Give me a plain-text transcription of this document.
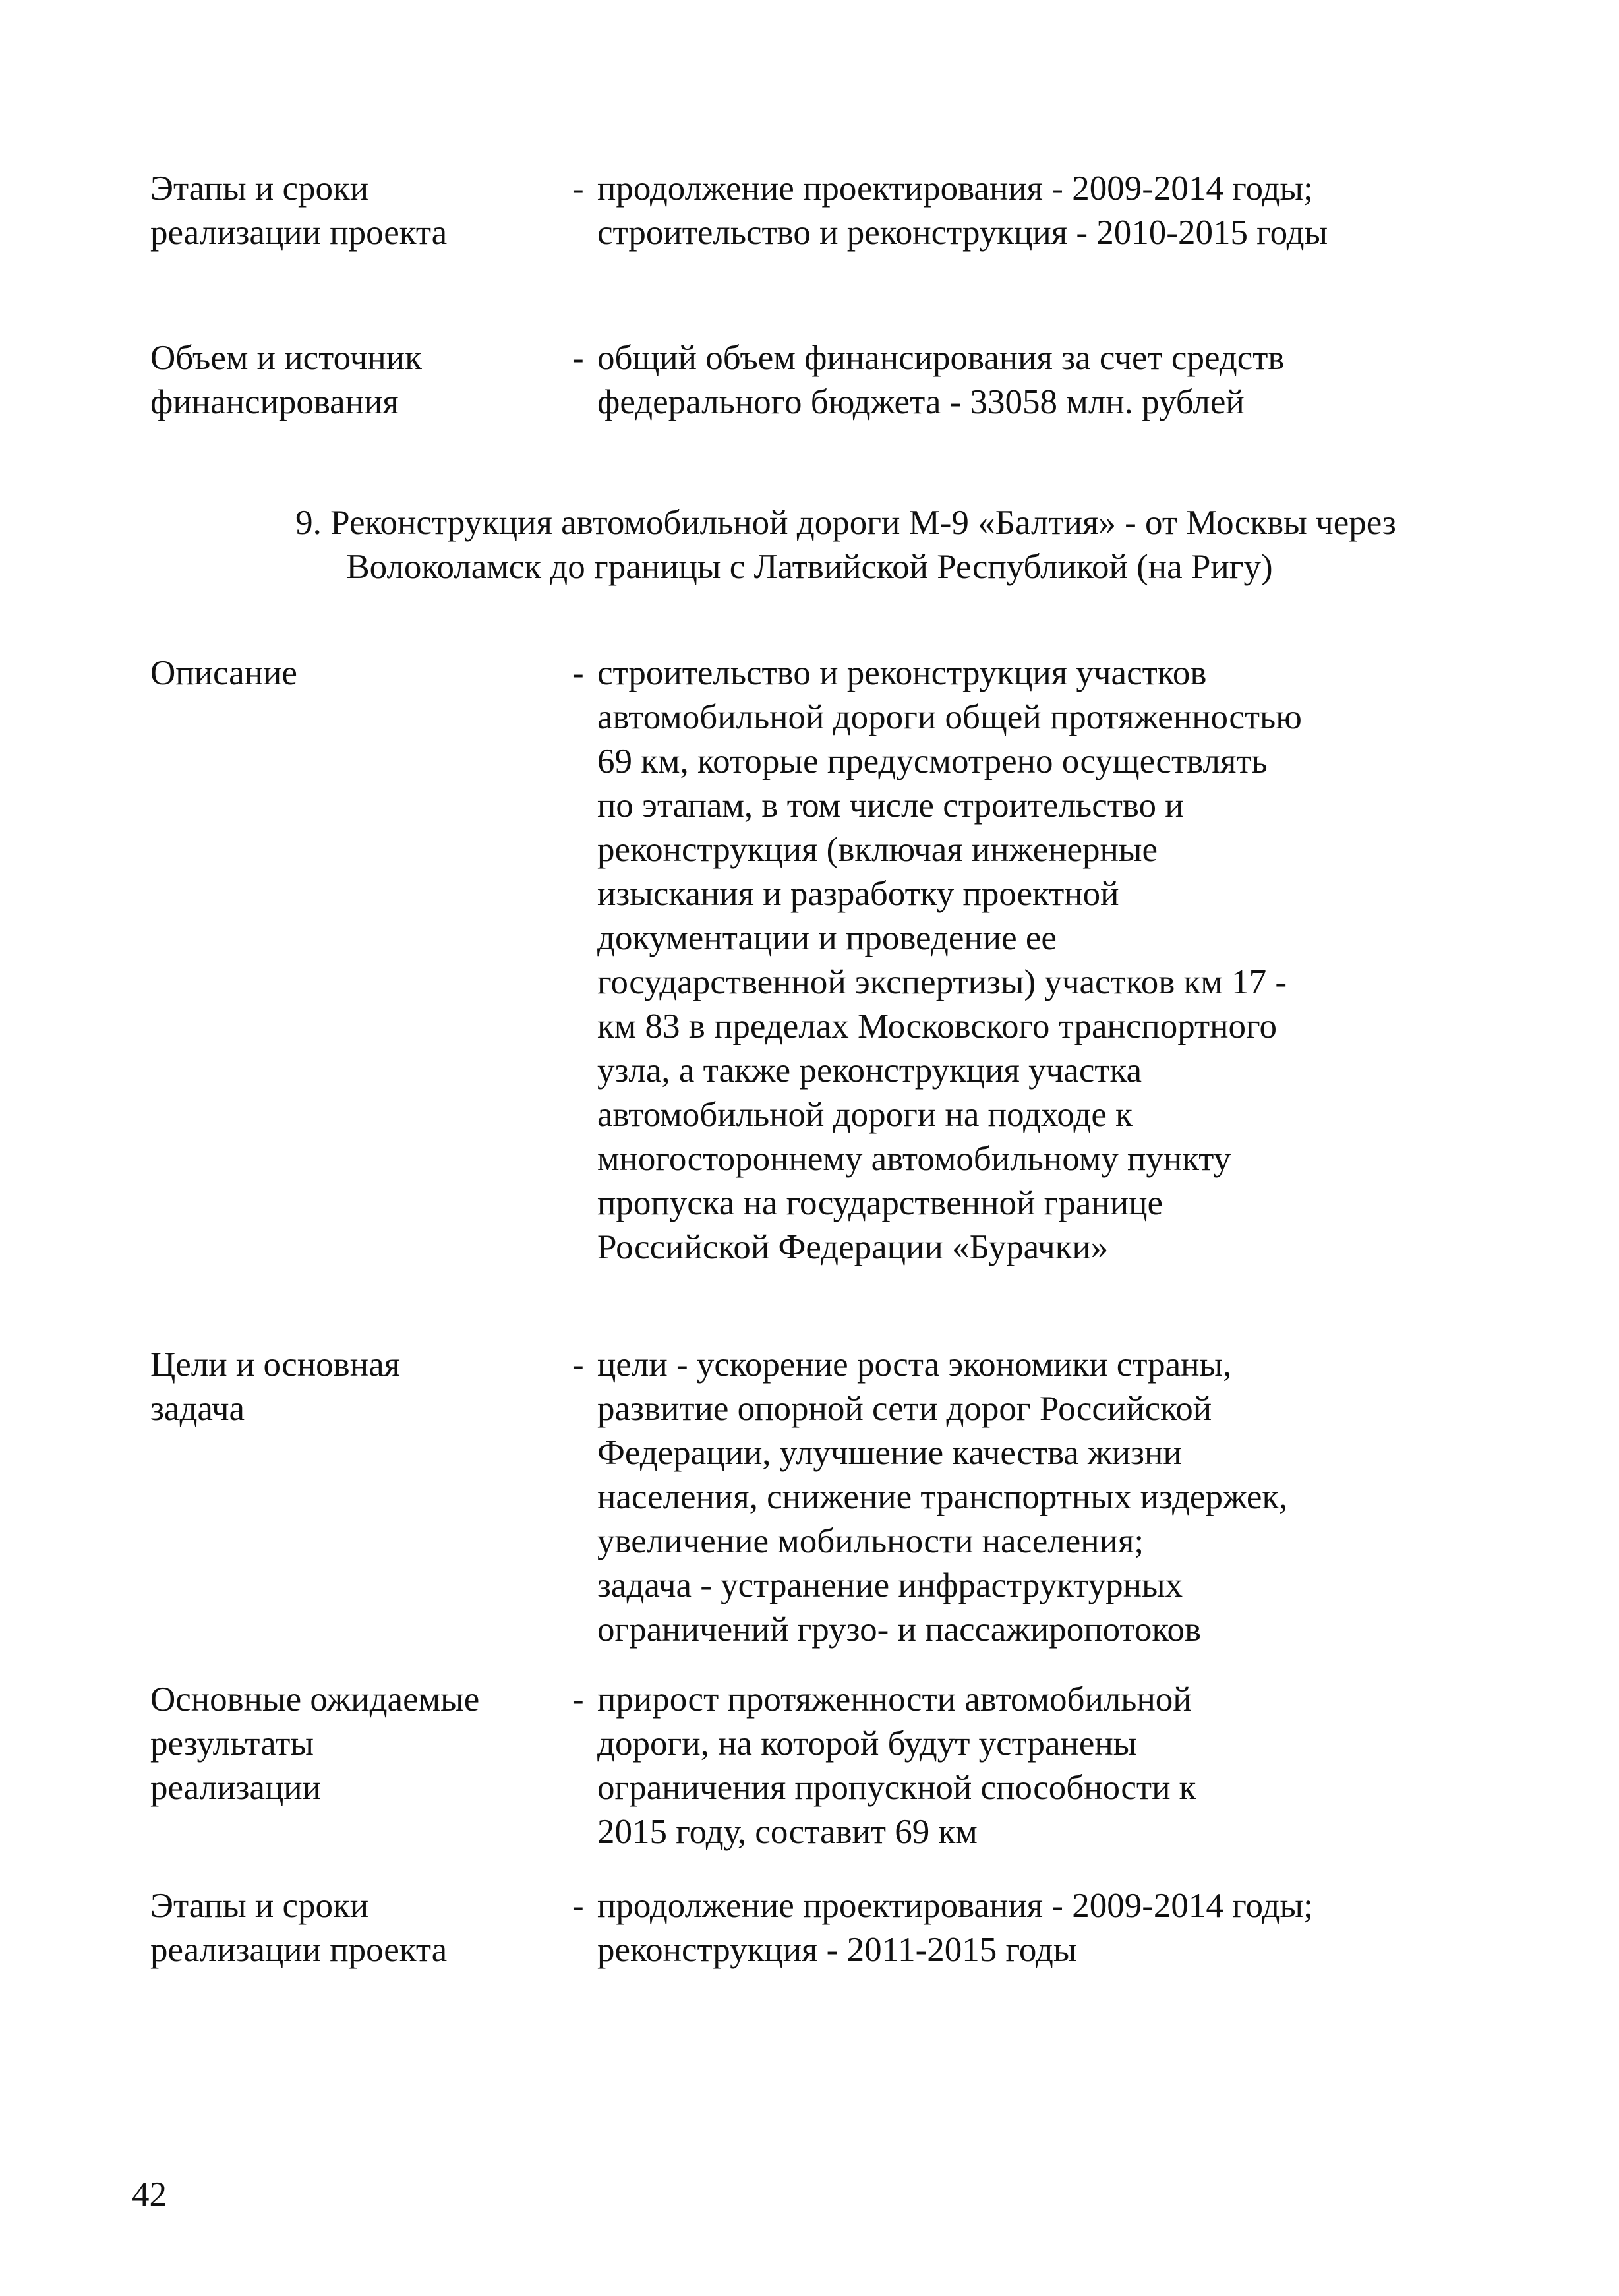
Этапы и сроки
реализации проекта
- продолжение проектирования - 2009-2014 годы;
строительство и реконструкция - 2010-2015 годы
Объем и источник
финансирования
- общий объем финансирования за счет средств
федерального бюджета - 33058 млн. рублей
9. Реконструкция автомобильной дороги М-9 «Балтия» - от Москвы через
Волоколамск до границы с Латвийской Республикой (на Ригу)
Описание	- строительство и реконструкция участков
автомобильной дороги общей протяженностью
69 км, которые предусмотрено осуществлять
по этапам, в том числе строительство и
реконструкция (включая инженерные
изыскания и разработку проектной
документации и проведение ее
государственной экспертизы) участков км 17 -
км 83 в пределах Московского транспортного
узла, а также реконструкция участка
автомобильной дороги на подходе к
многостороннему автомобильному пункту
пропуска на государственной границе
Российской Федерации «Бурачки»
Цели и основная
задача
- цели - ускорение роста экономики страны,
развитие опорной сети дорог Российской
Федерации, улучшение качества жизни
населения, снижение транспортных издержек,
увеличение мобильности населения;
задача - устранение инфраструктурных
ограничений грузо- и пассажиропотоков
Основные ожидаемые
результаты
реализации
- прирост протяженности автомобильной
дороги, на которой будут устранены
ограничения пропускной способности к
2015 году, составит 69 км
Этапы и сроки
реализации проекта
- продолжение проектирования - 2009-2014 годы;
реконструкция - 2011-2015 годы
42
